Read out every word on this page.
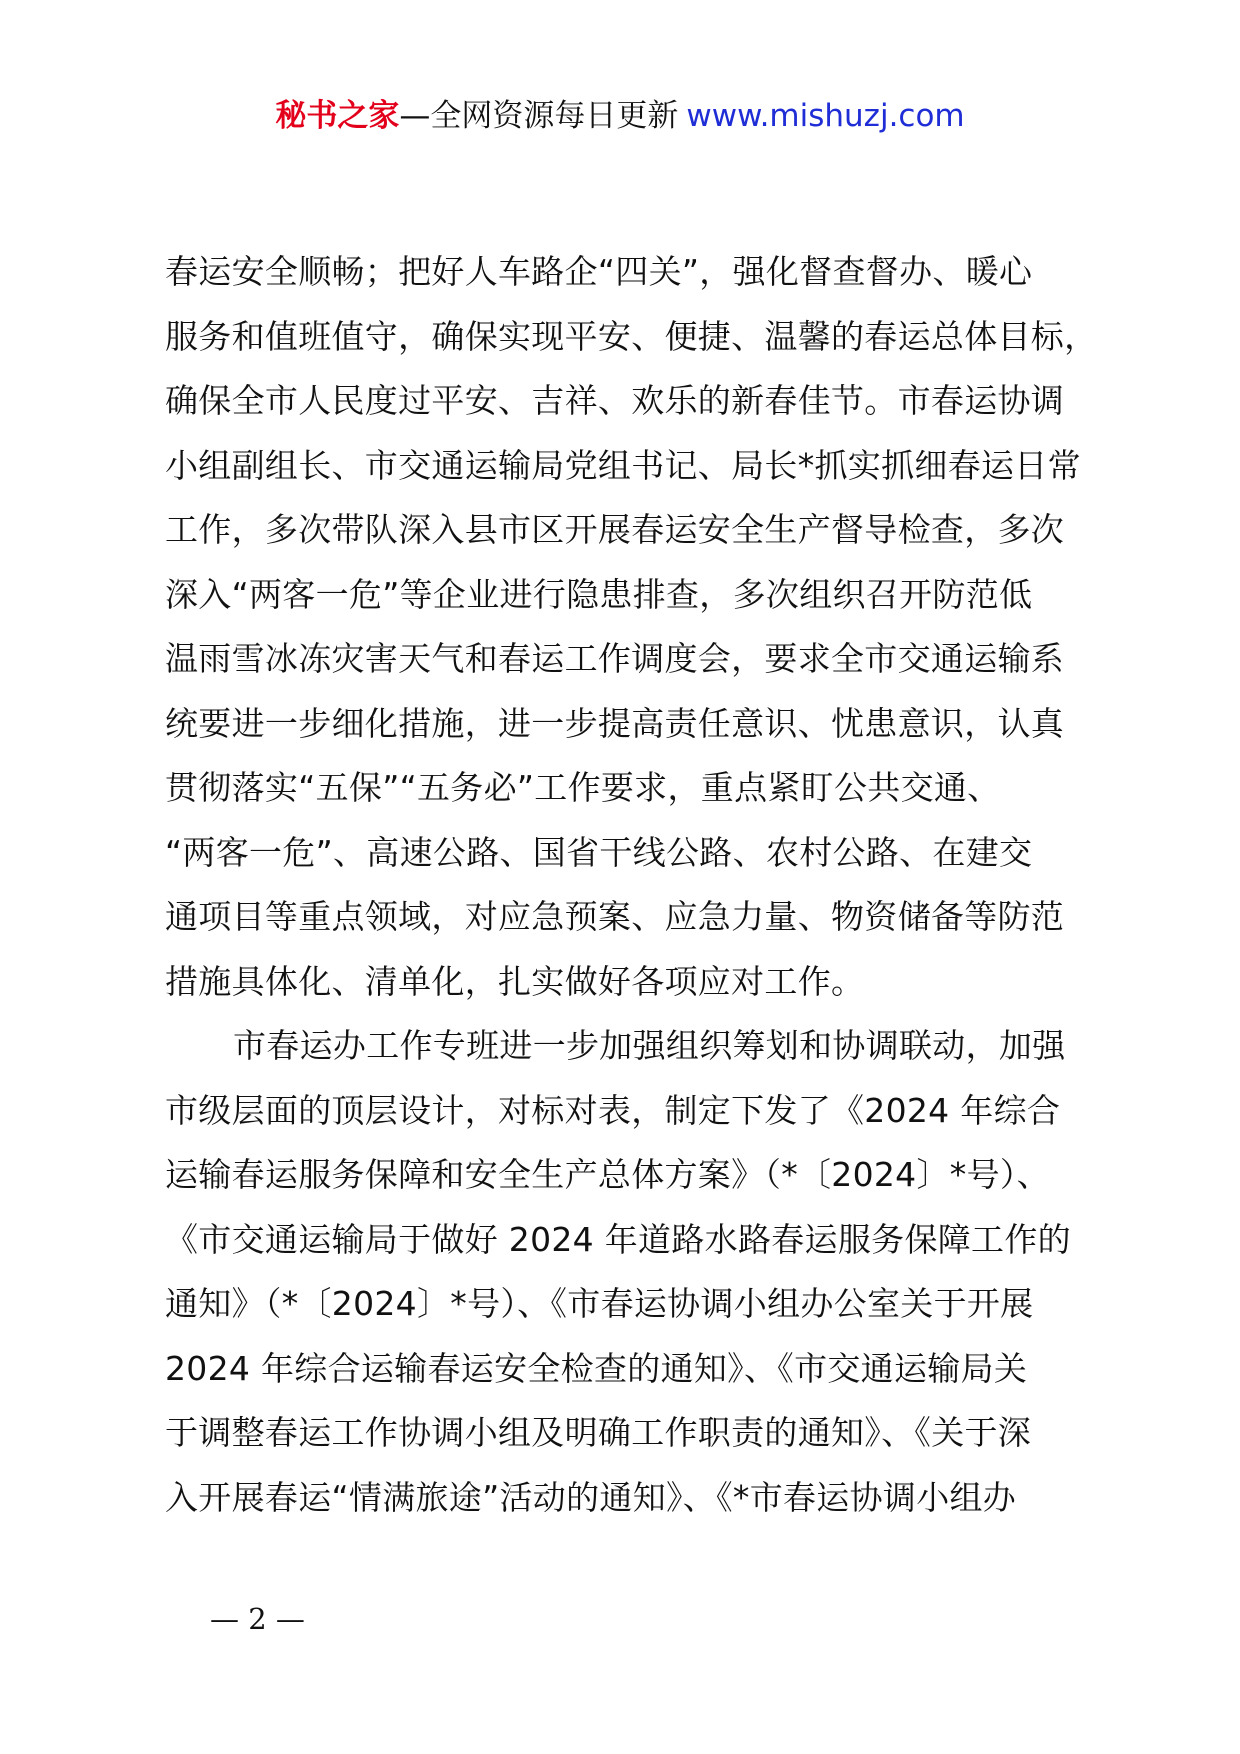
秘书之家—全网资源每日更新 www.mishuzj.com
春运安全顺畅；把好人车路企“四关”，强化督查督办、暖心
服务和值班值守，确保实现平安、便捷、温馨的春运总体目标，
确保全市人民度过平安、吉祥、欢乐的新春佳节。市春运协调
小组副组长、市交通运输局党组书记、局长*抓实抓细春运日常
工作，多次带队深入县市区开展春运安全生产督导检查，多次
深入“两客一危”等企业进行隐患排查，多次组织召开防范低
温雨雪冰冻灾害天气和春运工作调度会，要求全市交通运输系
统要进一步细化措施，进一步提高责任意识、忧患意识，认真
贯彻落实“五保”“五务必”工作要求，重点紧盯公共交通、
“两客一危”、高速公路、国省干线公路、农村公路、在建交
通项目等重点领域，对应急预案、应急力量、物资储备等防范
措施具体化、清单化，扎实做好各项应对工作。
市春运办工作专班进一步加强组织筹划和协调联动，加强
市级层面的顶层设计，对标对表，制定下发了《2024 年综合
运输春运服务保障和安全生产总体方案》（*〔2024〕*号）、
《市交通运输局于做好 2024 年道路水路春运服务保障工作的
通知》（*〔2024〕*号）、《市春运协调小组办公室关于开展
2024 年综合运输春运安全检查的通知》、《市交通运输局关
于调整春运工作协调小组及明确工作职责的通知》、《关于深
入开展春运“情满旅途”活动的通知》、《*市春运协调小组办
— 2 —
